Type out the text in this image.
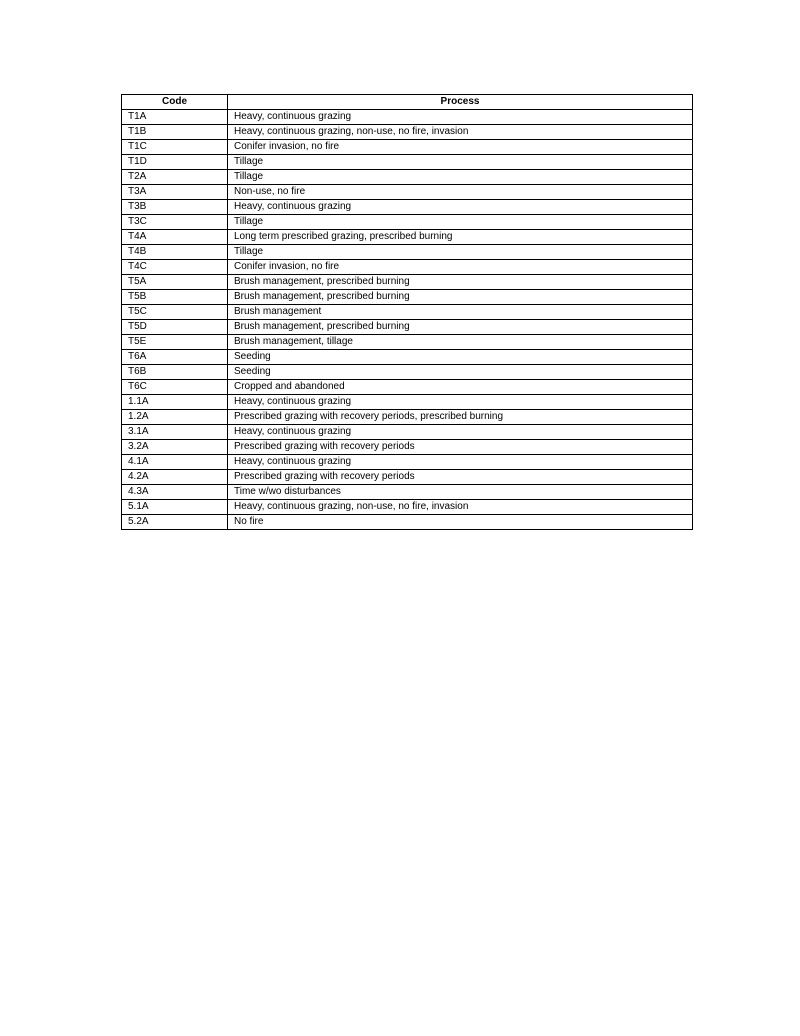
Code	Process
T1A	Heavy, continuous grazing
T1B	Heavy, continuous grazing, non-use, no fire, invasion
T1C	Conifer invasion, no fire
T1D	Tillage
T2A	Tillage
T3A	Non-use, no fire
T3B	Heavy, continuous grazing
T3C	Tillage
T4A	Long term prescribed grazing, prescribed burning
T4B	Tillage
T4C	Conifer invasion, no fire
T5A	Brush management, prescribed burning
T5B	Brush management, prescribed burning
T5C	Brush management
T5D	Brush management, prescribed burning
T5E	Brush management, tillage
T6A	Seeding
T6B	Seeding
T6C	Cropped and abandoned
1.1A	Heavy, continuous grazing
1.2A	Prescribed grazing with recovery periods, prescribed burning
3.1A	Heavy, continuous grazing
3.2A	Prescribed grazing with recovery periods
4.1A	Heavy, continuous grazing
4.2A	Prescribed grazing with recovery periods
4.3A	Time w/wo disturbances
5.1A	Heavy, continuous grazing, non-use, no fire, invasion
5.2A	No fire
